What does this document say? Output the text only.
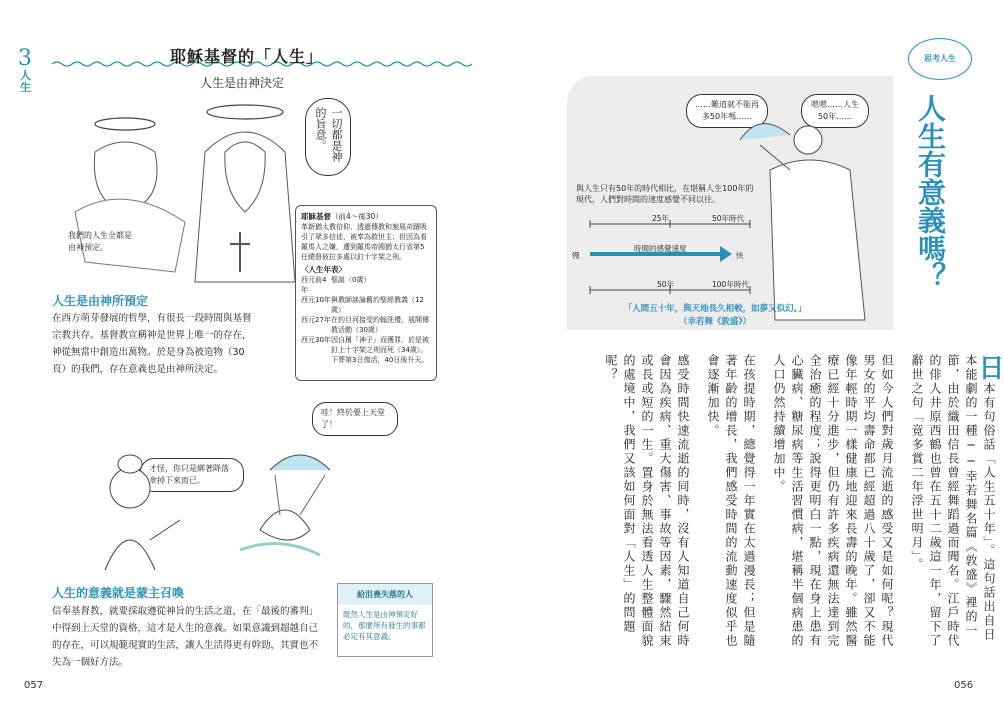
3
人生
耶穌基督的「人生」
人生是由神決定
一切都是神的旨意。
我們的人生全都是由神預定。
耶穌基督（前4～後30）
革新猶太教信仰，透過傳教和施展奇蹟吸引了眾多信徒，被奉為救世主；但因為看羅馬人之嫌，遭到羅馬帝國猶太行省第5任總督彼拉多處以釘十字架之刑。
〈人生年表〉
西元前4年
聖誕（0歲）
西元10年 與教師談論舊約聖經教義（12歲）
西元27年 在約旦河接受約翰洗禮，展開傳教活動（30歲）
西元30年 因自稱「神子」而獲罪，於是被釘上十字架之刑而死（34歲）。下葬第3日復活，40日後升天。
人生是由神所預定
在西方萌芽發展的哲學，有很長一段時間與基督宗教共存。基督教宣稱神是世界上唯一的存在，神從無當中創造出萬物。於是身為被造物（30頁）的我們，存在意義也是由神所決定。
哇！終於要上天堂了！
才怪，你只是綁著降落傘掉下來而已。
人生的意義就是蒙主召喚
信奉基督教，就要採取遵從神旨的生活之道，在「最後的審判」中得到上天堂的資格，這才是人生的意義。如果意識到超越自己的存在，可以規範現實的生活，讓人生活得更有幹勁，其實也不失為一個好方法。
給沮喪失落的人
既然人生是由神預定好的，那麼所有發生的事都必定有其意義。
057
……難道就不能再多50年嗎……
嗯嗯……人生50年……
與人生只有50年的時代相比，在堪稱人生100年的現代，人們對時間的速度感覺不同以往。
25年	50年時代
時間的感覺速度
慢	快
50年	100年時代
「人間五十年，與天地長久相較，如夢又似幻。」
（幸若舞《敦盛》）
思考人生
人生有意義嗎？

日本有句俗話「人生五十年」。這句話出自日本能劇的一種──幸若舞名篇《敦盛》裡的一節，由於織田信長曾經舞蹈過而聞名。江戶時代的俳人井原西鶴也曾在五十二歲這一年，留下了辭世之句「竟多賞二年浮世明月」。

但如今人們對歲月流逝的感受又是如何呢？現代男女的平均壽命都已經超過八十歲了，卻又不能像年輕時期一樣健康地迎來長壽的晚年。雖然醫療已經十分進步，但仍有許多疾病還無法達到完全治癒的程度；說得更明白一點，現在身上患有心臟病、糖尿病等生活習慣病，堪稱半個病患的人口仍然持續增加中。

在孩提時期，總覺得一年實在太過漫長；但是隨著年齡的增長，我們感受時間的流動速度似乎也會逐漸加快。

感受時間快速流逝的同時，沒有人知道自己何時會因為疾病、重大傷害、事故等因素，驟然結束或長或短的一生。置身於無法看透人生整體面貌的處境中，我們又該如何面對「人生」的問題呢？

056
